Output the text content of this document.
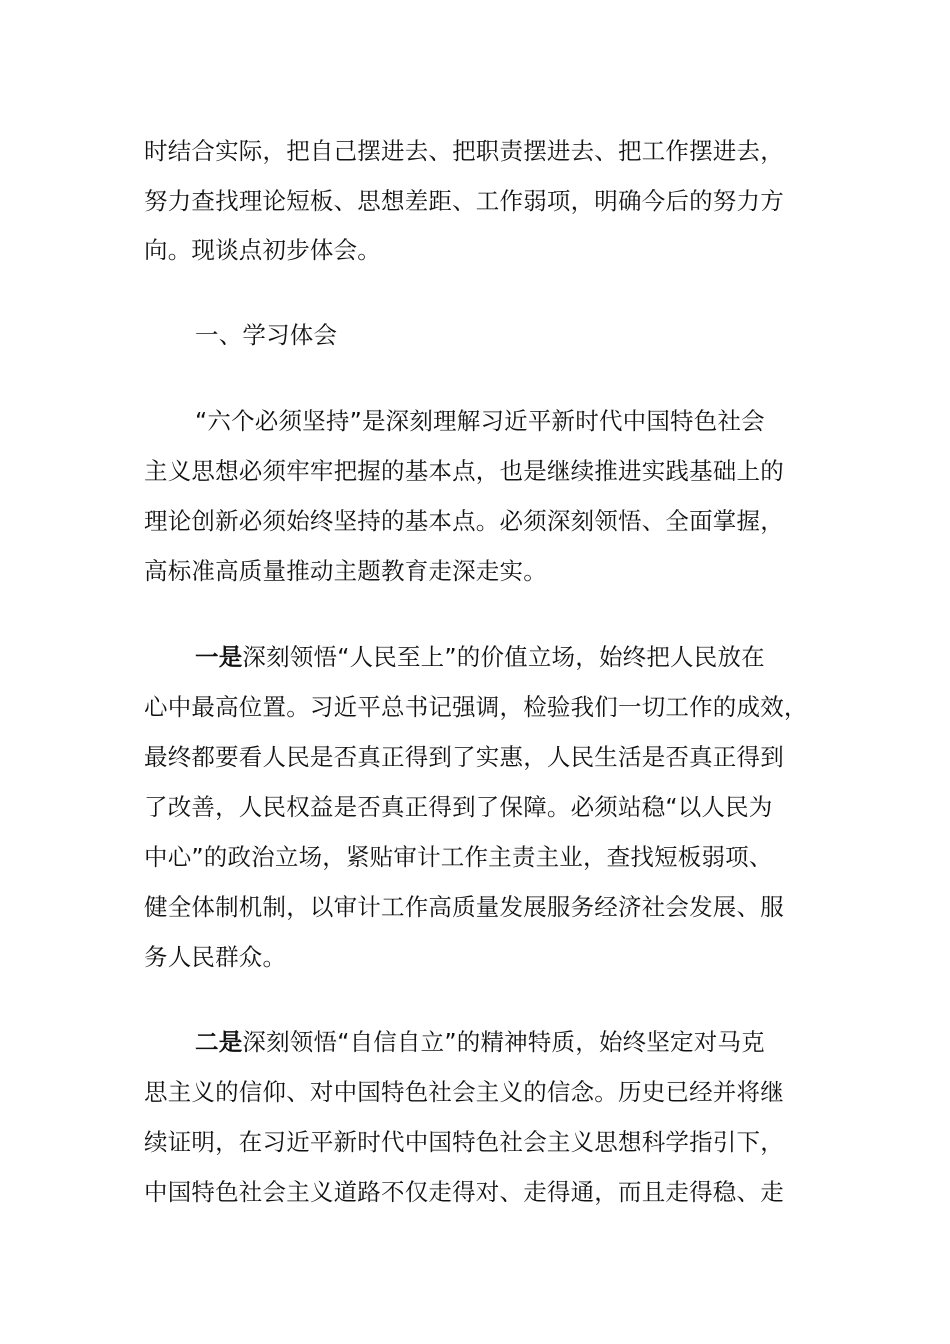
时结合实际，把自己摆进去、把职责摆进去、把工作摆进去，
努力查找理论短板、思想差距、工作弱项，明确今后的努力方
向。现谈点初步体会。
一、学习体会
“六个必须坚持”是深刻理解习近平新时代中国特色社会
主义思想必须牢牢把握的基本点，也是继续推进实践基础上的
理论创新必须始终坚持的基本点。必须深刻领悟、全面掌握，
高标准高质量推动主题教育走深走实。
一是深刻领悟“人民至上”的价值立场，始终把人民放在
心中最高位置。习近平总书记强调，检验我们一切工作的成效，
最终都要看人民是否真正得到了实惠，人民生活是否真正得到
了改善，人民权益是否真正得到了保障。必须站稳“以人民为
中心”的政治立场，紧贴审计工作主责主业，查找短板弱项、
健全体制机制，以审计工作高质量发展服务经济社会发展、服
务人民群众。
二是深刻领悟“自信自立”的精神特质，始终坚定对马克
思主义的信仰、对中国特色社会主义的信念。历史已经并将继
续证明，在习近平新时代中国特色社会主义思想科学指引下，
中国特色社会主义道路不仅走得对、走得通，而且走得稳、走
